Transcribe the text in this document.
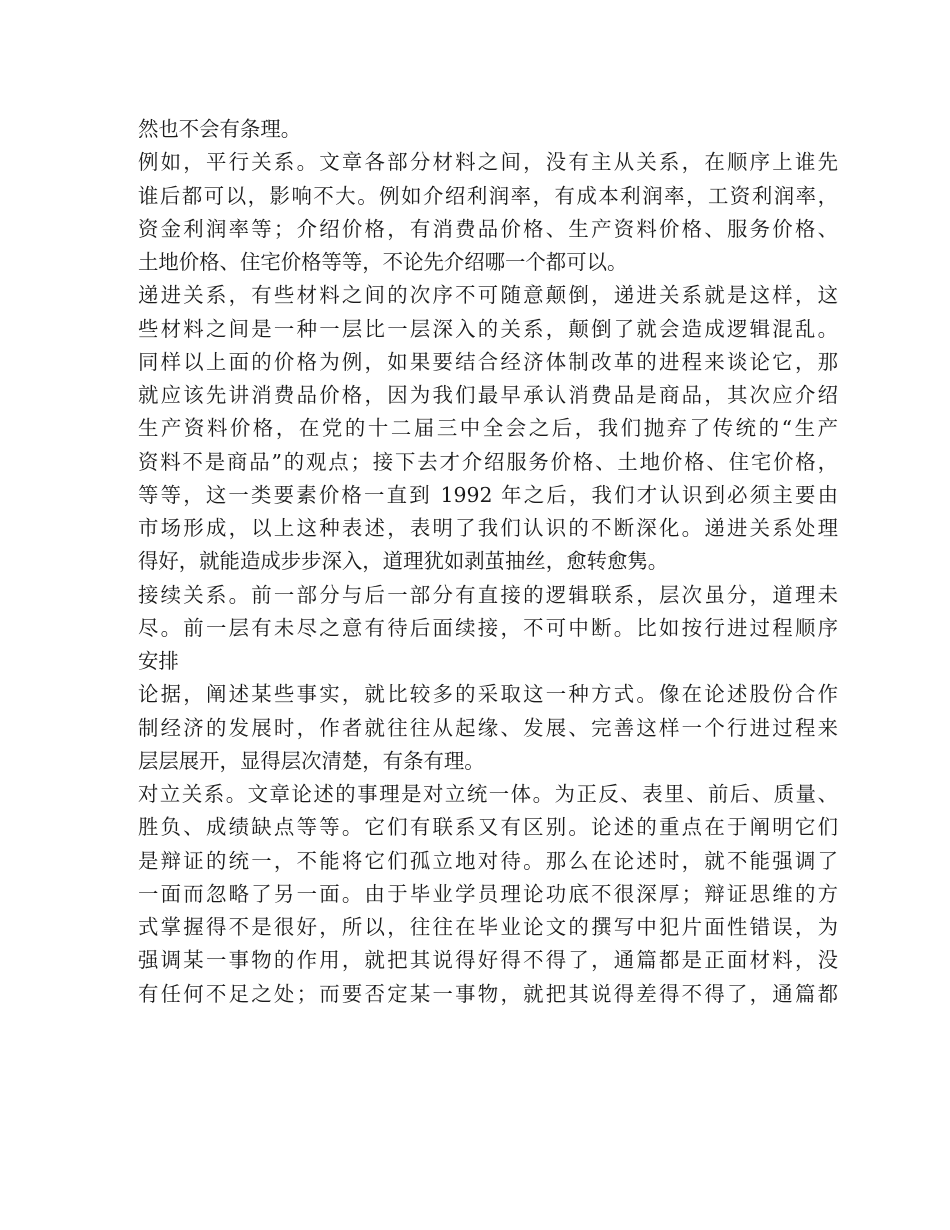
然也不会有条理。
例如，平行关系。文章各部分材料之间，没有主从关系，在顺序上谁先
谁后都可以，影响不大。例如介绍利润率，有成本利润率，工资利润率，
资金利润率等；介绍价格，有消费品价格、生产资料价格、服务价格、
土地价格、住宅价格等等，不论先介绍哪一个都可以。
递进关系，有些材料之间的次序不可随意颠倒，递进关系就是这样，这
些材料之间是一种一层比一层深入的关系，颠倒了就会造成逻辑混乱。
同样以上面的价格为例，如果要结合经济体制改革的进程来谈论它，那
就应该先讲消费品价格，因为我们最早承认消费品是商品，其次应介绍
生产资料价格，在党的十二届三中全会之后，我们抛弃了传统的“生产
资料不是商品”的观点；接下去才介绍服务价格、土地价格、住宅价格，
等等，这一类要素价格一直到 1992 年之后，我们才认识到必须主要由
市场形成，以上这种表述，表明了我们认识的不断深化。递进关系处理
得好，就能造成步步深入，道理犹如剥茧抽丝，愈转愈隽。
接续关系。前一部分与后一部分有直接的逻辑联系，层次虽分，道理未
尽。前一层有未尽之意有待后面续接，不可中断。比如按行进过程顺序
安排
论据，阐述某些事实，就比较多的采取这一种方式。像在论述股份合作
制经济的发展时，作者就往往从起缘、发展、完善这样一个行进过程来
层层展开，显得层次清楚，有条有理。
对立关系。文章论述的事理是对立统一体。为正反、表里、前后、质量、
胜负、成绩缺点等等。它们有联系又有区别。论述的重点在于阐明它们
是辩证的统一，不能将它们孤立地对待。那么在论述时，就不能强调了
一面而忽略了另一面。由于毕业学员理论功底不很深厚；辩证思维的方
式掌握得不是很好，所以，往往在毕业论文的撰写中犯片面性错误，为
强调某一事物的作用，就把其说得好得不得了，通篇都是正面材料，没
有任何不足之处；而要否定某一事物，就把其说得差得不得了，通篇都
